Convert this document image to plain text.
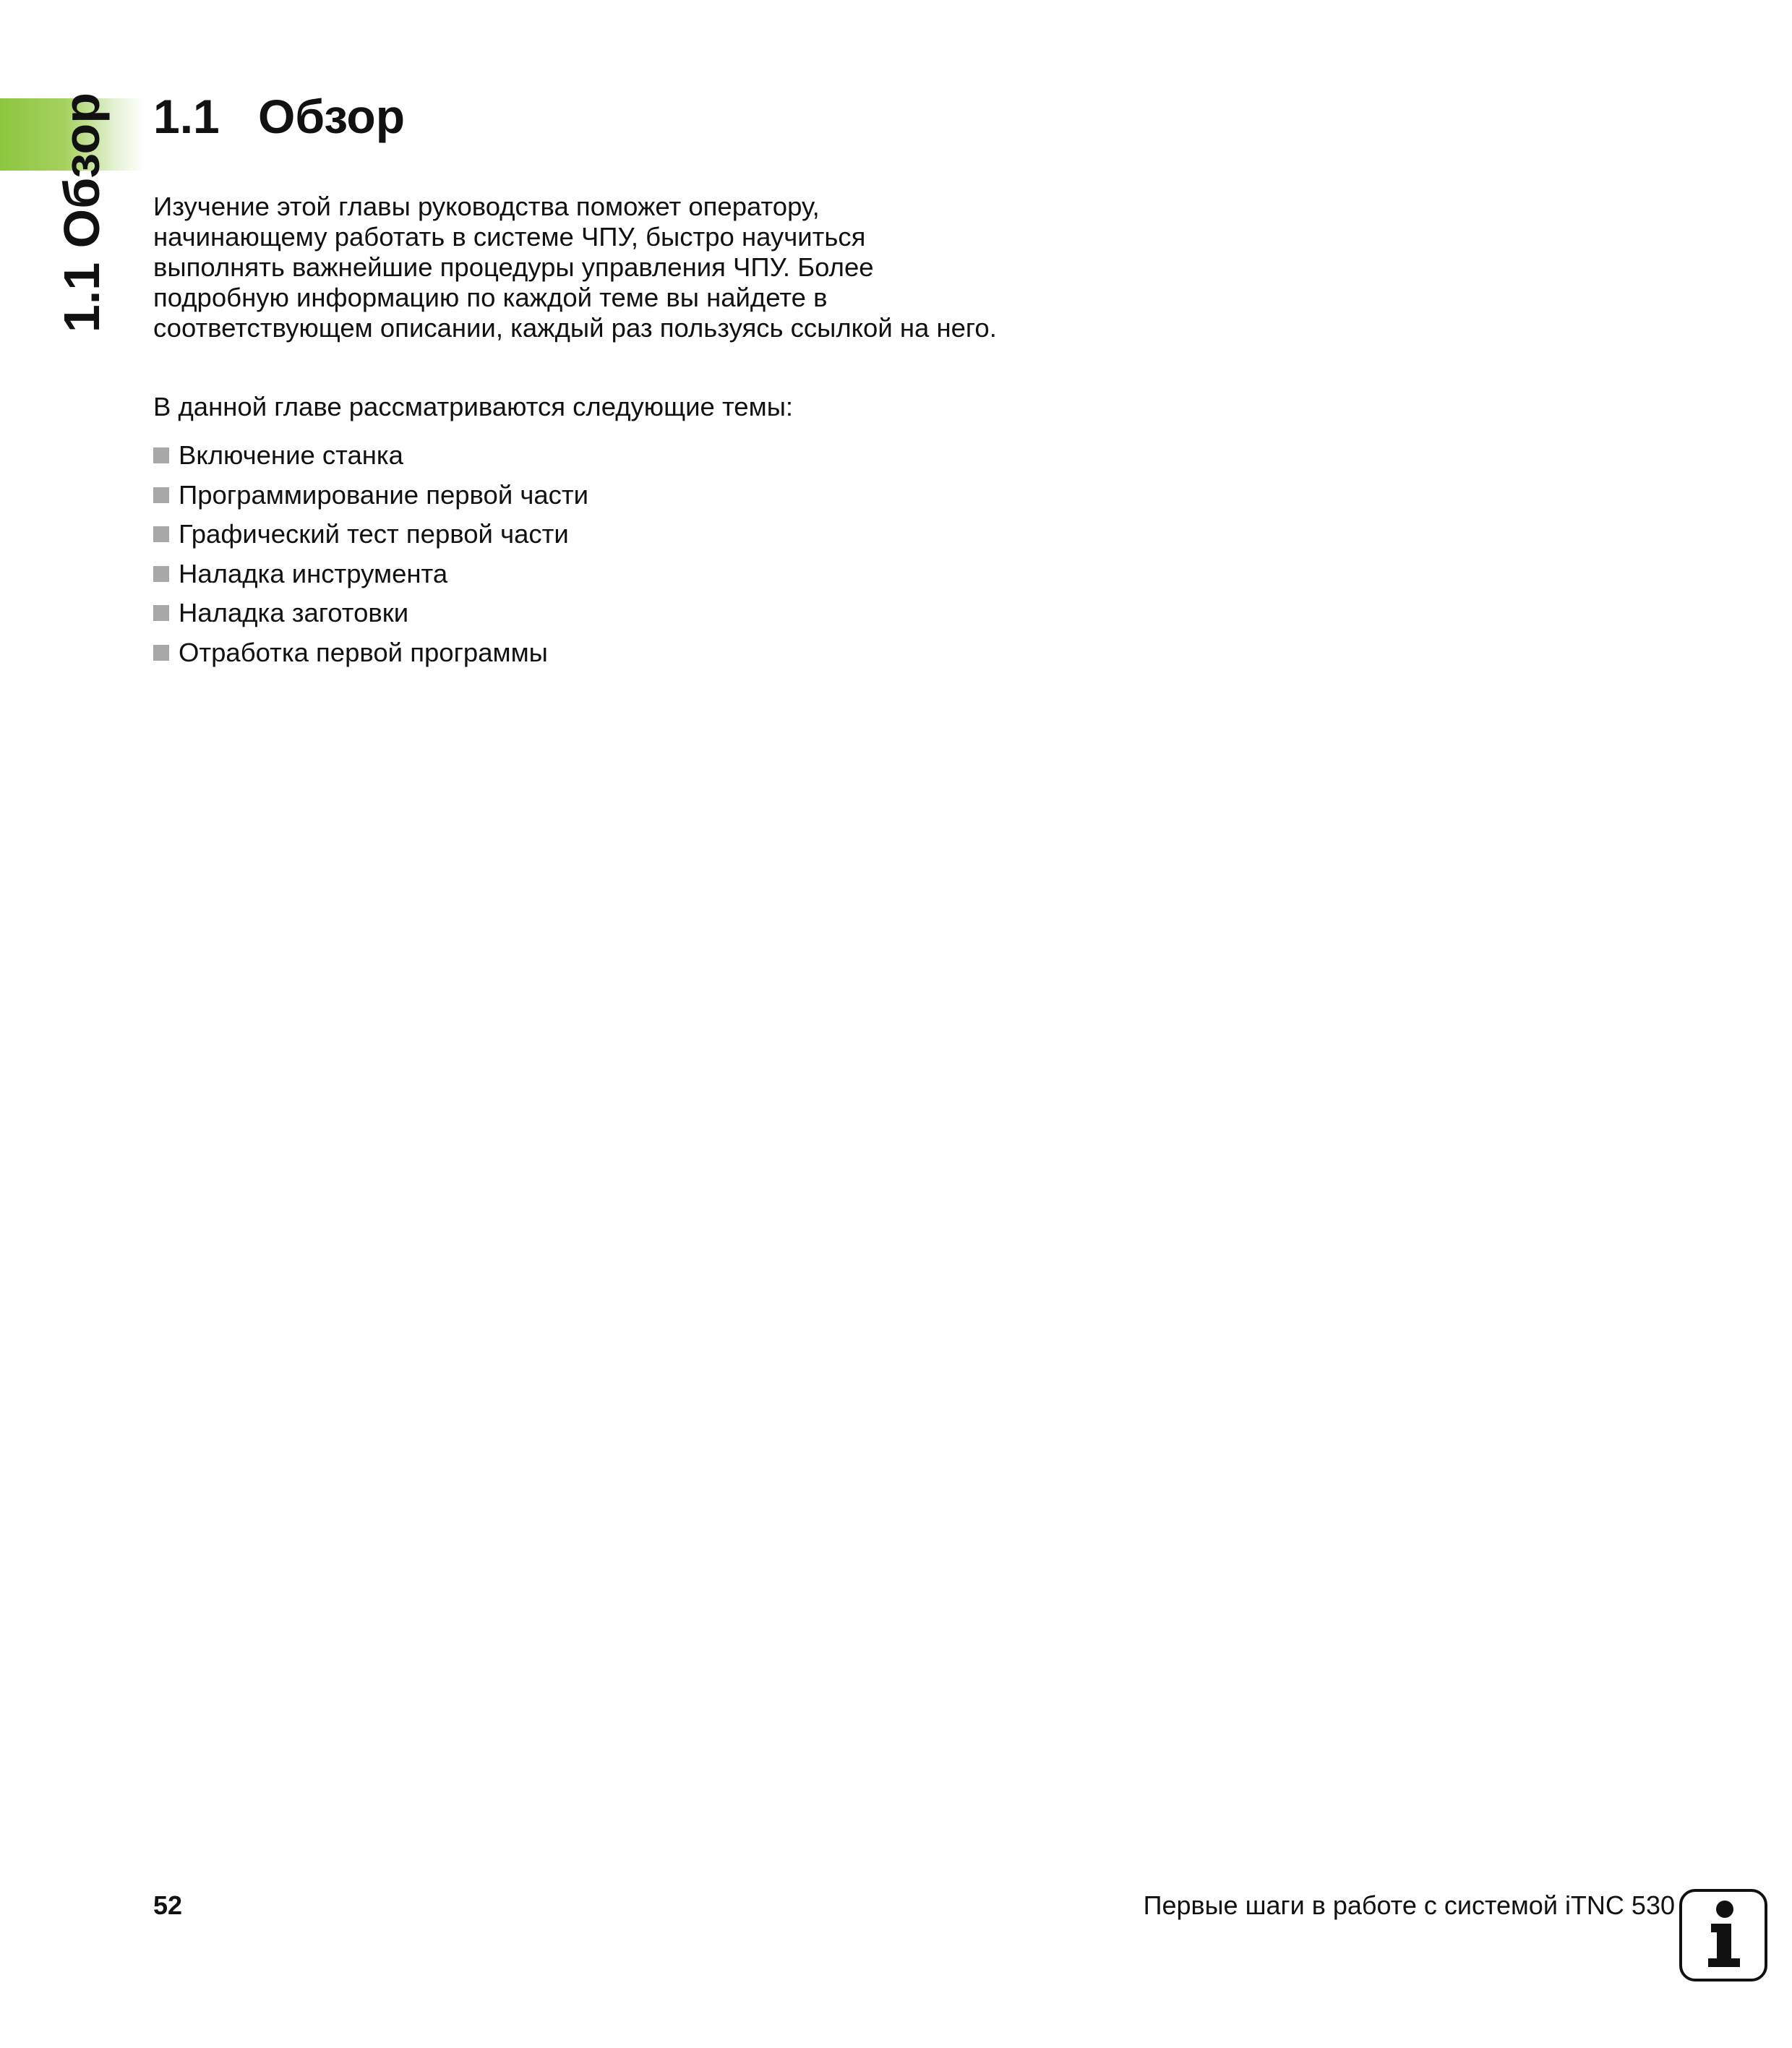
1.1 Обзор 1.1 Обзор

Изучение этой главы руководства поможет оператору, начинающему работать в системе ЧПУ, быстро научиться выполнять важнейшие процедуры управления ЧПУ. Более подробную информацию по каждой теме вы найдете в соответствующем описании, каждый раз пользуясь ссылкой на него.

В данной главе рассматриваются следующие темы:

Включение станка
Программирование первой части
Графический тест первой части
Наладка инструмента
Наладка заготовки
Отработка первой программы
52	Первые шаги в работе с системой iTNC 530
